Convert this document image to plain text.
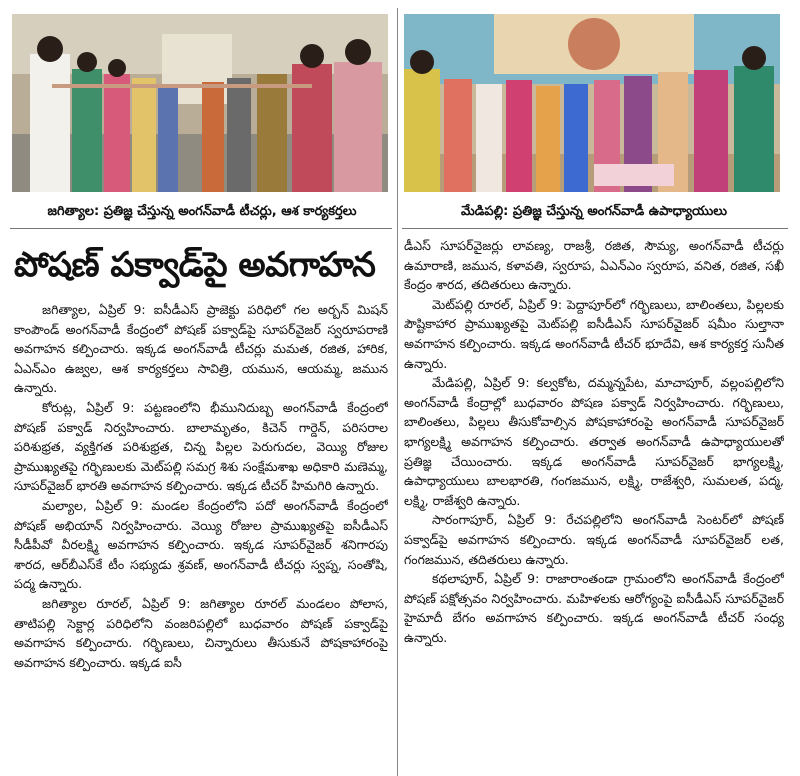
జగిత్యాల: ప్రతిజ్ఞ చేస్తున్న అంగన్‌వాడీ టీచర్లు, ఆశ కార్యకర్తలు	మేడిపల్లి: ప్రతిజ్ఞ చేస్తున్న అంగన్‌వాడీ ఉపాధ్యాయులు
పోషణ్ పక్వాడ్‌పై అవగాహన

జగిత్యాల, ఏప్రిల్ 9: ఐసీడీఎస్ ప్రాజెక్టు పరిధిలో గల అర్బన్ మిషన్ కాంపౌండ్ అంగన్‌వాడీ కేంద్రంలో పోషణ్ పక్వాడ్‌పై సూపర్‌వైజర్ స్వరూపరాణి అవగాహన కల్పించారు. ఇక్కడ అంగన్‌వాడీ టీచర్లు మమత, రజిత, హారిక, ఏఎన్‌ఎం ఉజ్వల, ఆశ కార్యకర్తలు సావిత్రి, యమున, ఆయమ్మ, జమున ఉన్నారు.

కోరుట్ల, ఏప్రిల్ 9: పట్టణంలోని భీమునిదుబ్బ అంగన్‌వాడీ కేంద్రంలో పోషణ్ పక్వాడ్ నిర్వహించారు. బాలామృతం, కిచెన్ గార్డెన్, పరిసరాల పరిశుభ్రత, వ్యక్తిగత పరిశుభ్రత, చిన్న పిల్లల పెరుగుదల, వెయ్యి రోజుల ప్రాముఖ్యతపై గర్భిణులకు మెట్‌పల్లి సమగ్ర శిశు సంక్షేమశాఖ అధికారి మణెమ్మ, సూపర్‌వైజర్ భారతి అవగాహన కల్పించారు. ఇక్కడ టీచర్ హిమగిరి ఉన్నారు.

మల్యాల, ఏప్రిల్ 9: మండల కేంద్రంలోని పదో అంగన్‌వాడీ కేంద్రంలో పోషణ్ అభియాన్ నిర్వహించారు. వెయ్యి రోజుల ప్రాముఖ్యతపై ఐసీడీఎస్ సీడీపీవో వీరలక్ష్మి అవగాహన కల్పించారు. ఇక్కడ సూపర్‌వైజర్ శనిగారపు శారద, ఆర్‌బీఎస్‌కే టీం సభ్యుడు శ్రవణ్, అంగన్‌వాడీ టీచర్లు స్వప్న, సంతోషి, పద్మ ఉన్నారు.

జగిత్యాల రూరల్, ఏప్రిల్ 9: జగిత్యాల రూరల్ మండలం పోలాస, తాటిపల్లి సెక్టార్ల పరిధిలోని వంజరిపల్లిలో బుధవారం పోషణ్ పక్వాడ్‌పై అవగాహన కల్పించారు. గర్భిణులు, చిన్నారులు తీసుకునే పోషకాహారంపై అవగాహన కల్పించారు. ఇక్కడ ఐసీ

డీఎస్ సూపర్‌వైజర్లు లావణ్య, రాజశ్రీ, రజిత, సౌమ్య, అంగన్‌వాడీ టీచర్లు ఉమారాణి, జమున, కళావతి, స్వరూప, ఏఎన్‌ఎం స్వరూప, వనిత, రజిత, సఖీ కేంద్రం శారద, తదితరులు ఉన్నారు.

మెట్‌పల్లి రూరల్, ఏప్రిల్ 9: పెద్దాపూర్‌లో గర్భిణులు, బాలింతలు, పిల్లలకు పౌష్టికాహార ప్రాముఖ్యతపై మెట్‌పల్లి ఐసీడీఎస్ సూపర్‌వైజర్ షమీం సుల్తానా అవగాహన కల్పించారు. ఇక్కడ అంగన్‌వాడీ టీచర్ భూదేవి, ఆశ కార్యకర్త సునీత ఉన్నారు.

మేడిపల్లి, ఏప్రిల్ 9: కల్వకోట, దమ్మన్నపేట, మాచాపూర్, వల్లంపల్లిలోని అంగన్‌వాడీ కేంద్రాల్లో బుధవారం పోషణ పక్వాడ్ నిర్వహించారు. గర్భిణులు, బాలింతలు, పిల్లలు తీసుకోవాల్సిన పోషకాహారంపై అంగన్‌వాడీ సూపర్‌వైజర్ భాగ్యలక్ష్మి అవగాహన కల్పించారు. తర్వాత అంగన్‌వాడీ ఉపాధ్యాయులతో ప్రతిజ్ఞ చేయించారు. ఇక్కడ అంగన్‌వాడీ సూపర్‌వైజర్ భాగ్యలక్ష్మి, ఉపాధ్యాయులు బాలభారతి, గంగజమున, లక్ష్మి, రాజేశ్వరి, సుమలత, పద్మ, లక్ష్మి, రాజేశ్వరి ఉన్నారు.

సారంగాపూర్, ఏప్రిల్ 9: రేచపల్లిలోని అంగన్‌వాడీ సెంటర్‌లో పోషణ్ పక్వాడ్‌పై అవగాహన కల్పించారు. ఇక్కడ అంగన్‌వాడీ సూపర్‌వైజర్ లత, గంగజమున, తదితరులు ఉన్నారు.

కథలాపూర్, ఏప్రిల్ 9: రాజారాంతండా గ్రామంలోని అంగన్‌వాడీ కేంద్రంలో పోషణ్ పక్షోత్సవం నిర్వహించారు. మహిళలకు ఆరోగ్యంపై ఐసీడీఎస్ సూపర్‌వైజర్ హైమాదీ బేగం అవగాహన కల్పించారు. ఇక్కడ అంగన్‌వాడీ టీచర్ సంధ్య ఉన్నారు.
